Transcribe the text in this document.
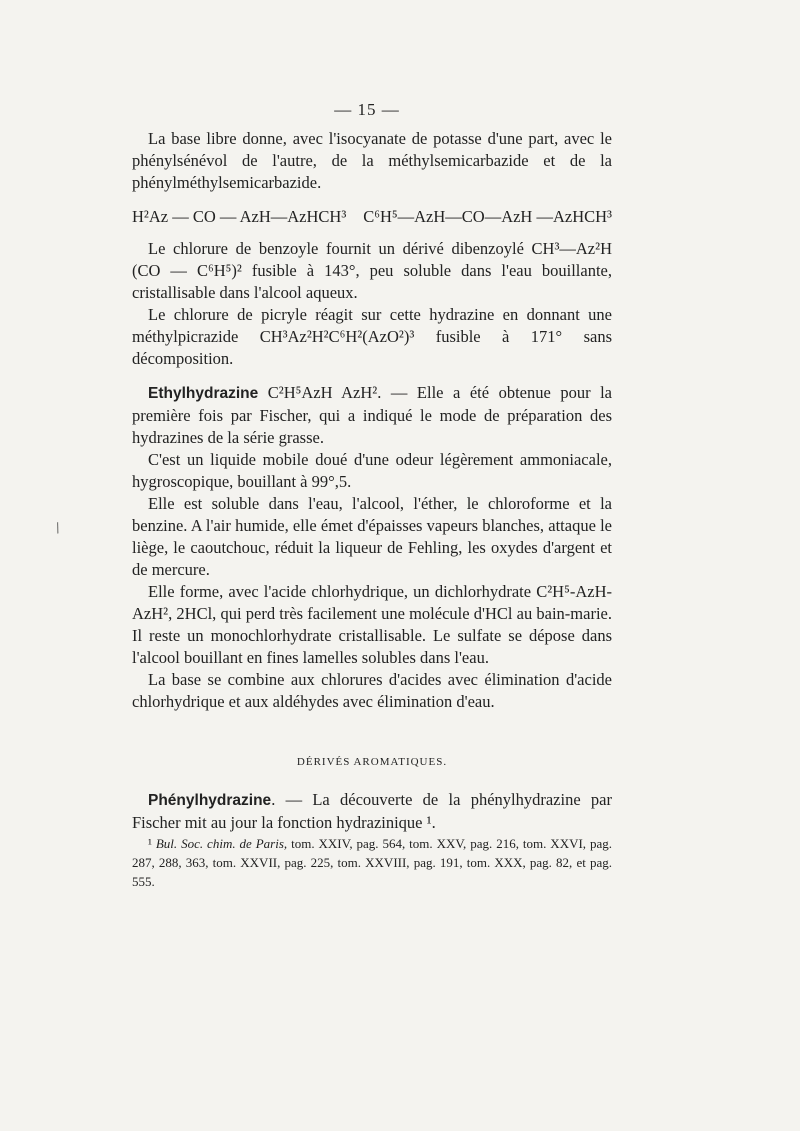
— 15 —
/

La base libre donne, avec l'isocyanate de potasse d'une part, avec le phénylsénévol de l'autre, de la méthylsemicarbazide et de la phénylméthylsemicarbazide.

H²Az — CO — AzH—AzHCH³ C⁶H⁵—AzH—CO—AzH —AzHCH³

Le chlorure de benzoyle fournit un dérivé dibenzoylé CH³—Az²H (CO — C⁶H⁵)² fusible à 143°, peu soluble dans l'eau bouillante, cristallisable dans l'alcool aqueux.

Le chlorure de picryle réagit sur cette hydrazine en donnant une méthylpicrazide CH³Az²H²C⁶H²(AzO²)³ fusible à 171° sans décomposition.

Ethylhydrazine C²H⁵AzH AzH². — Elle a été obtenue pour la première fois par Fischer, qui a indiqué le mode de préparation des hydrazines de la série grasse.

C'est un liquide mobile doué d'une odeur légèrement ammoniacale, hygroscopique, bouillant à 99°,5.

Elle est soluble dans l'eau, l'alcool, l'éther, le chloroforme et la benzine. A l'air humide, elle émet d'épaisses vapeurs blanches, attaque le liège, le caoutchouc, réduit la liqueur de Fehling, les oxydes d'argent et de mercure.

Elle forme, avec l'acide chlorhydrique, un dichlorhydrate C²H⁵-AzH-AzH², 2HCl, qui perd très facilement une molécule d'HCl au bain-marie. Il reste un monochlorhydrate cristallisable. Le sulfate se dépose dans l'alcool bouillant en fines lamelles solubles dans l'eau.

La base se combine aux chlorures d'acides avec élimination d'acide chlorhydrique et aux aldéhydes avec élimination d'eau.

DÉRIVÉS AROMATIQUES.

Phénylhydrazine. — La découverte de la phénylhydrazine par Fischer mit au jour la fonction hydrazinique ¹.

¹ Bul. Soc. chim. de Paris, tom. XXIV, pag. 564, tom. XXV, pag. 216, tom. XXVI, pag. 287, 288, 363, tom. XXVII, pag. 225, tom. XXVIII, pag. 191, tom. XXX, pag. 82, et pag. 555.
